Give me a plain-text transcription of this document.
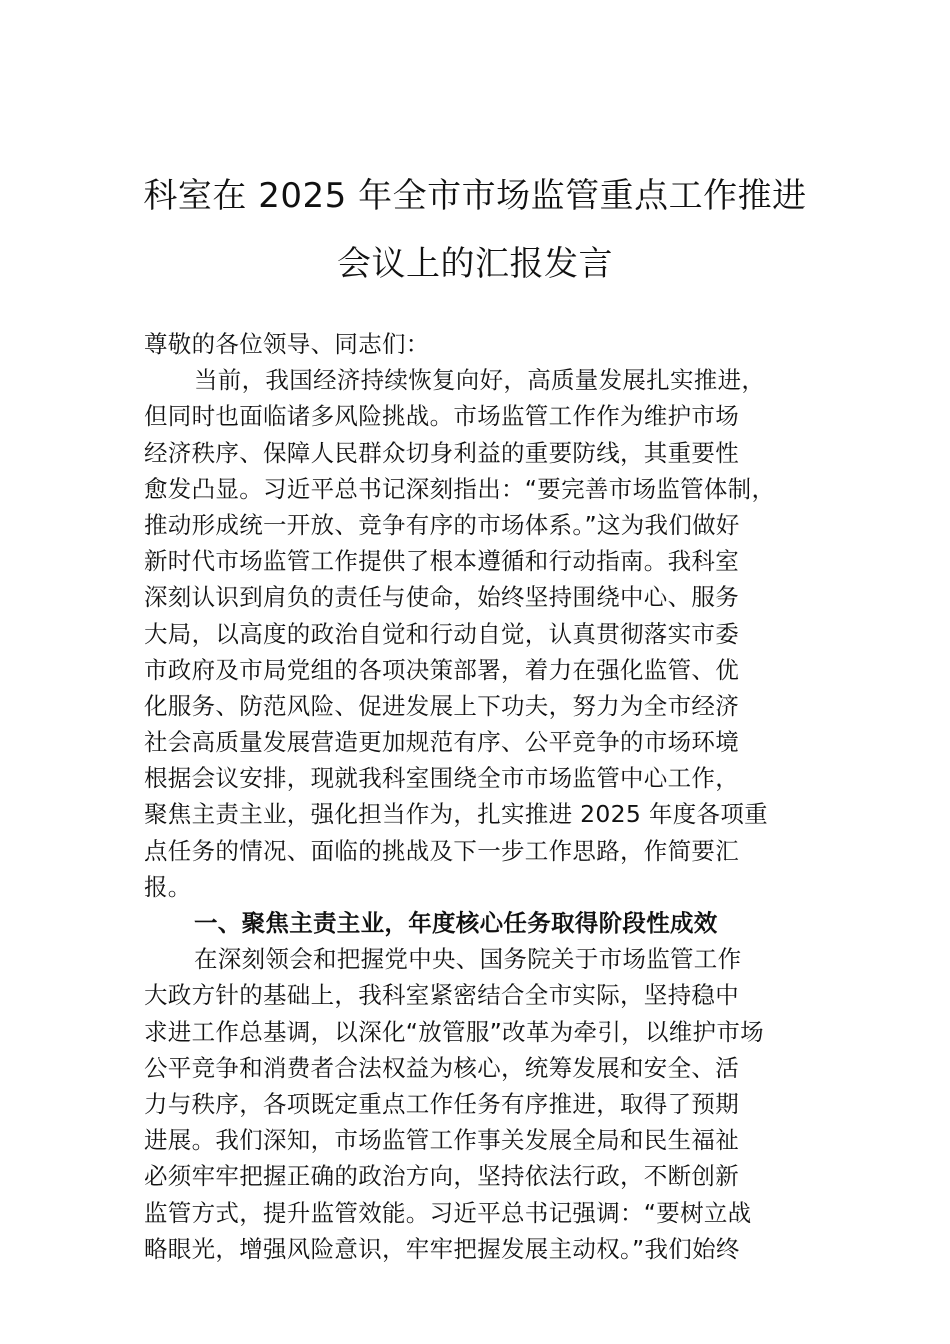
科室在 2025 年全市市场监管重点工作推进
会议上的汇报发言
尊敬的各位领导、同志们：
当前，我国经济持续恢复向好，高质量发展扎实推进，
但同时也面临诸多风险挑战。市场监管工作作为维护市场
经济秩序、保障人民群众切身利益的重要防线，其重要性
愈发凸显。习近平总书记深刻指出：“要完善市场监管体制，
推动形成统一开放、竞争有序的市场体系。”这为我们做好
新时代市场监管工作提供了根本遵循和行动指南。我科室
深刻认识到肩负的责任与使命，始终坚持围绕中心、服务
大局，以高度的政治自觉和行动自觉，认真贯彻落实市委
市政府及市局党组的各项决策部署，着力在强化监管、优
化服务、防范风险、促进发展上下功夫，努力为全市经济
社会高质量发展营造更加规范有序、公平竞争的市场环境
根据会议安排，现就我科室围绕全市市场监管中心工作，
聚焦主责主业，强化担当作为，扎实推进 2025 年度各项重
点任务的情况、面临的挑战及下一步工作思路，作简要汇
报。
一、聚焦主责主业，年度核心任务取得阶段性成效
在深刻领会和把握党中央、国务院关于市场监管工作
大政方针的基础上，我科室紧密结合全市实际，坚持稳中
求进工作总基调，以深化“放管服”改革为牵引，以维护市场
公平竞争和消费者合法权益为核心，统筹发展和安全、活
力与秩序，各项既定重点工作任务有序推进，取得了预期
进展。我们深知，市场监管工作事关发展全局和民生福祉
必须牢牢把握正确的政治方向，坚持依法行政，不断创新
监管方式，提升监管效能。习近平总书记强调：“要树立战
略眼光，增强风险意识，牢牢把握发展主动权。”我们始终
